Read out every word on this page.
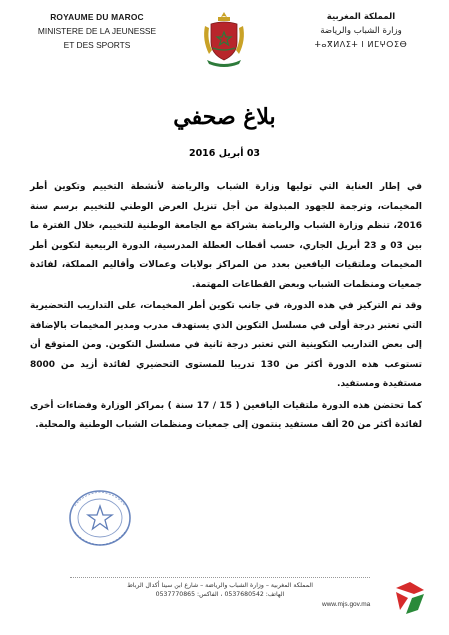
ROYAUME DU MAROC
MINISTERE DE LA JEUNESSE
ET DES SPORTS
المملكة المغربية
وزارة الشباب والرياضة
ⵜⴰⴳⵍⴷⵉⵜ ⵏ ⵍⵎⵖⵔⵉⴱ
بلاغ صحفي
03 أبريل 2016

في إطار العناية التي توليها وزارة الشباب والرياضة لأنشطة التخييم وتكوين أطر المخيمات، وترجمة للجهود المبذولة من أجل تنزيل العرض الوطني للتخييم برسم سنة 2016، تنظم وزارة الشباب والرياضة بشراكة مع الجامعة الوطنية للتخييم، خلال الفترة ما بين 03 و 23 أبريل الجاري، حسب أقطاب العطلة المدرسية، الدورة الربيعية لتكوين أطر المخيمات وملتقيات اليافعين بعدد من المراكز بولايات وعمالات وأقاليم المملكة، لفائدة جمعيات ومنظمات الشباب وبعض القطاعات المهتمة.

وقد تم التركيز في هذه الدورة، في جانب تكوين أطر المخيمات، على التداريب التحضيرية التي تعتبر درجة أولى في مسلسل التكوين الذي يستهدف مدرب ومدير المخيمات بالإضافة إلى بعض التداريب التكوينية التي تعتبر درجة ثانية في مسلسل التكوين. ومن المتوقع أن تستوعب هذه الدورة أكثر من 130 تدريبا للمستوى التحضيري لفائدة أزيد من 8000 مستفيدة ومستفيد.

كما تحتضن هذه الدورة ملتقيات اليافعين ( 15 / 17 سنة ) بمراكز الوزارة وفضاءات أخرى لفائدة أكثر من 20 ألف مستفيد ينتمون إلى جمعيات ومنظمات الشباب الوطنية والمحلية.

المملكة المغربية – وزارة الشباب والرياضة – شارع ابن سينا أكدال الرباط
الهاتف: 0537680542 ، الفاكس: 0537770865
www.mjs.gov.ma
